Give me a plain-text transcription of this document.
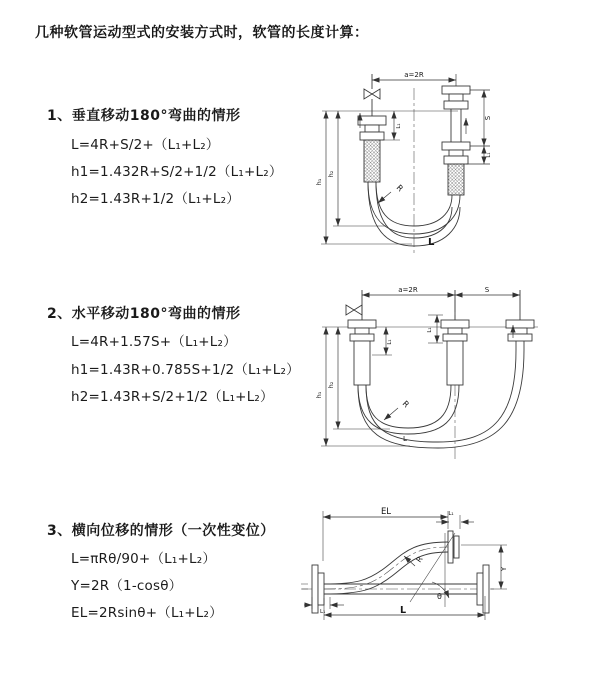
几种软管运动型式的安装方式时，软管的长度计算：
1、垂直移动180°弯曲的情形
L=4R+S/2+（L₁+L₂）
h1=1.432R+S/2+1/2（L₁+L₂）
h2=1.43R+1/2（L₁+L₂）
2、水平移动180°弯曲的情形
L=4R+1.57S+（L₁+L₂）
h1=1.43R+0.785S+1/2（L₁+L₂）
h2=1.43R+S/2+1/2（L₁+L₂）
3、横向位移的情形（一次性变位）
L=πRθ/90+（L₁+L₂）
Y=2R（1-cosθ）
EL=2Rsinθ+（L₁+L₂）
a=2R
S
L₁
h₁
h₂
L₁
R
L
a=2R	S
L₁
L₁
h₁
h₂
R
L
EL	L₁
Y
R
θ
L
L₁
